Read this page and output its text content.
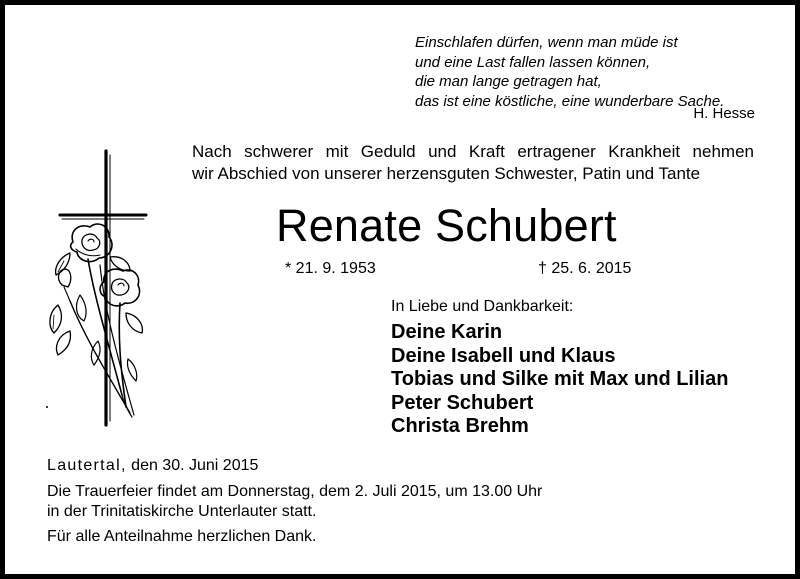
Einschlafen dürfen, wenn man müde ist
und eine Last fallen lassen können,
die man lange getragen hat,
das ist eine köstliche, eine wunderbare Sache.
H. Hesse
Nach schwerer mit Geduld und Kraft ertragener Krankheit nehmen
wir Abschied von unserer herzensguten Schwester, Patin und Tante
Renate Schubert
* 21. 9. 1953	† 25. 6. 2015
In Liebe und Dankbarkeit:
Deine Karin
Deine Isabell und Klaus
Tobias und Silke mit Max und Lilian
Peter Schubert
Christa Brehm
Lautertal, den 30. Juni 2015
Die Trauerfeier findet am Donnerstag, dem 2. Juli 2015, um 13.00 Uhr
in der Trinitatiskirche Unterlauter statt.
Für alle Anteilnahme herzlichen Dank.
